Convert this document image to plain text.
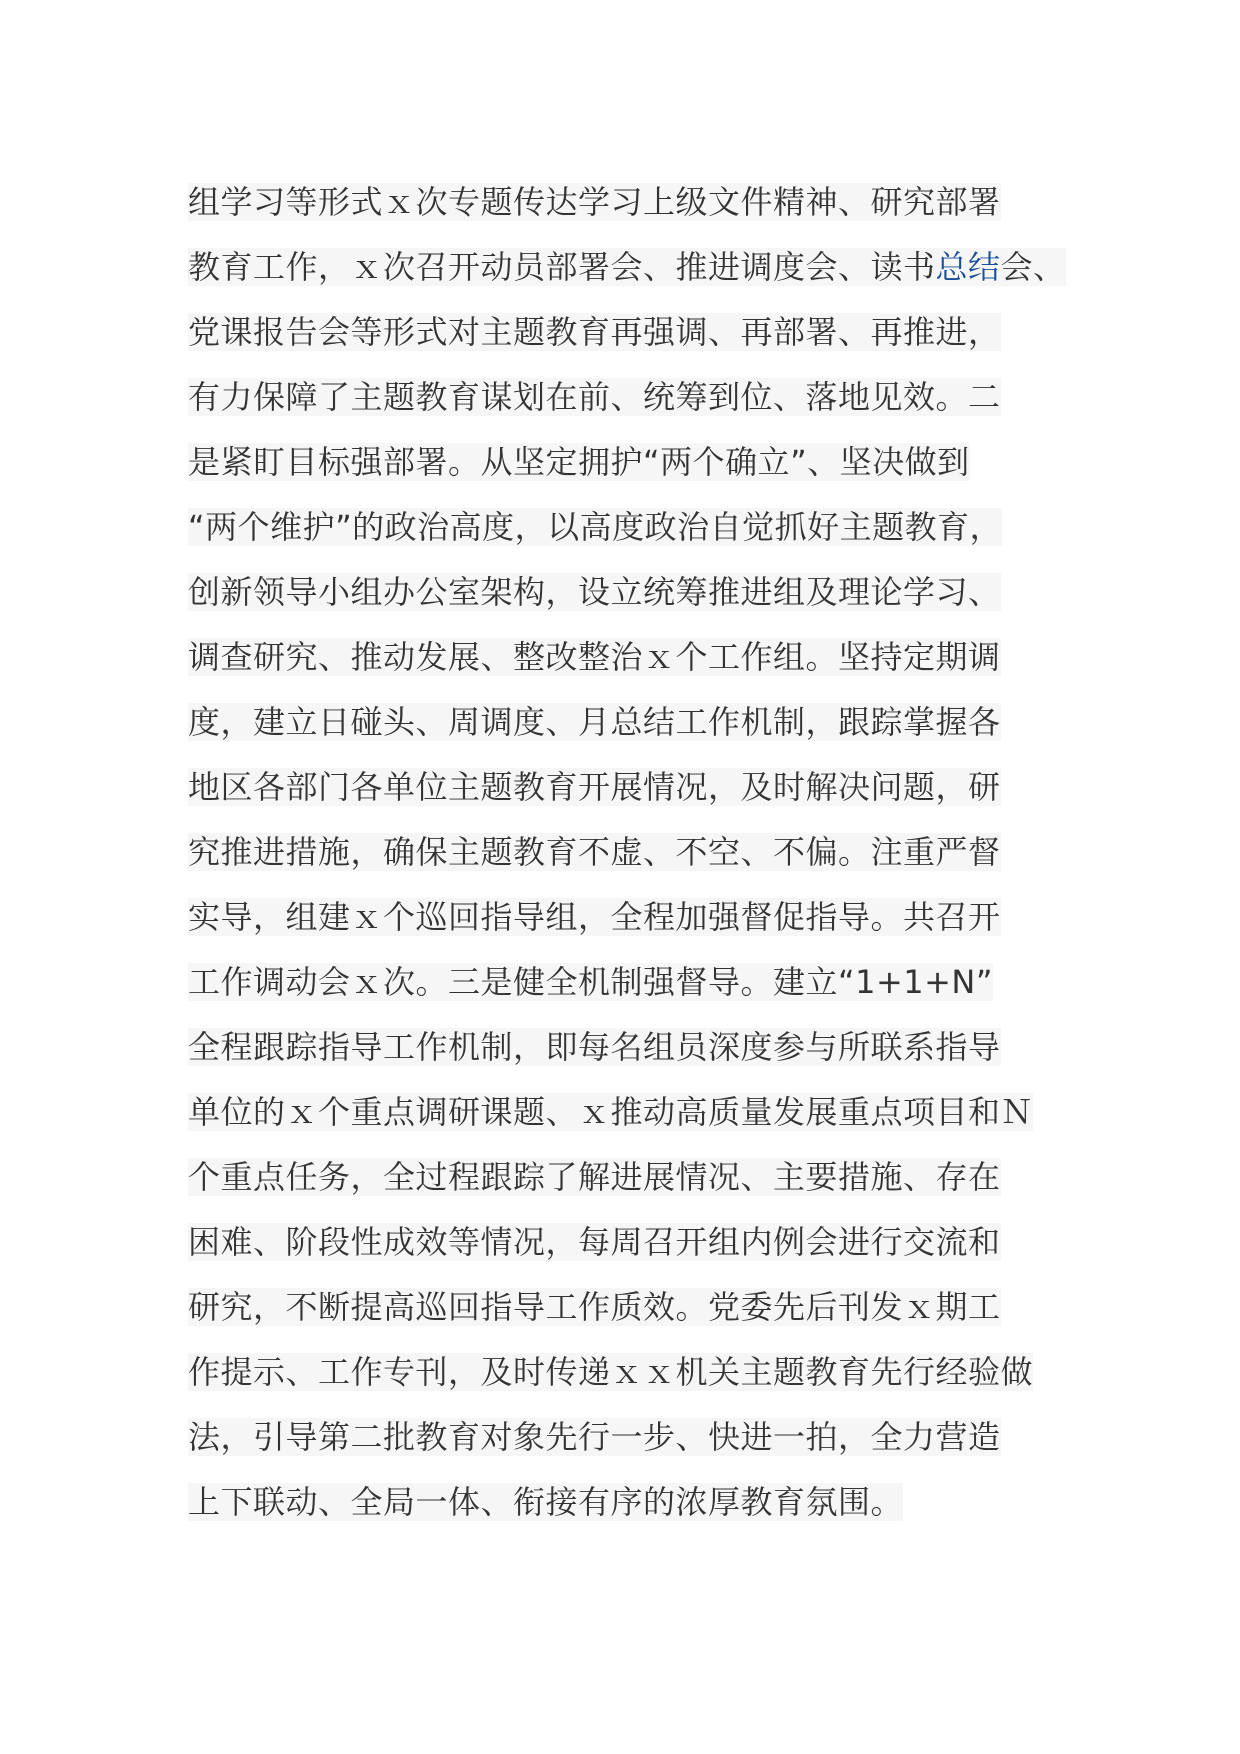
组学习等形式ｘ次专题传达学习上级文件精神、研究部署
教育工作，ｘ次召开动员部署会、推进调度会、读书总结会、
党课报告会等形式对主题教育再强调、再部署、再推进，
有力保障了主题教育谋划在前、统筹到位、落地见效。二
是紧盯目标强部署。从坚定拥护“两个确立”、坚决做到
“两个维护”的政治高度，以高度政治自觉抓好主题教育，
创新领导小组办公室架构，设立统筹推进组及理论学习、
调查研究、推动发展、整改整治ｘ个工作组。坚持定期调
度，建立日碰头、周调度、月总结工作机制，跟踪掌握各
地区各部门各单位主题教育开展情况，及时解决问题，研
究推进措施，确保主题教育不虚、不空、不偏。注重严督
实导，组建ｘ个巡回指导组，全程加强督促指导。共召开
工作调动会ｘ次。三是健全机制强督导。建立“1+1+N”
全程跟踪指导工作机制，即每名组员深度参与所联系指导
单位的ｘ个重点调研课题、ｘ推动高质量发展重点项目和Ｎ
个重点任务，全过程跟踪了解进展情况、主要措施、存在
困难、阶段性成效等情况，每周召开组内例会进行交流和
研究，不断提高巡回指导工作质效。党委先后刊发ｘ期工
作提示、工作专刊，及时传递ｘｘ机关主题教育先行经验做
法，引导第二批教育对象先行一步、快进一拍，全力营造
上下联动、全局一体、衔接有序的浓厚教育氛围。
